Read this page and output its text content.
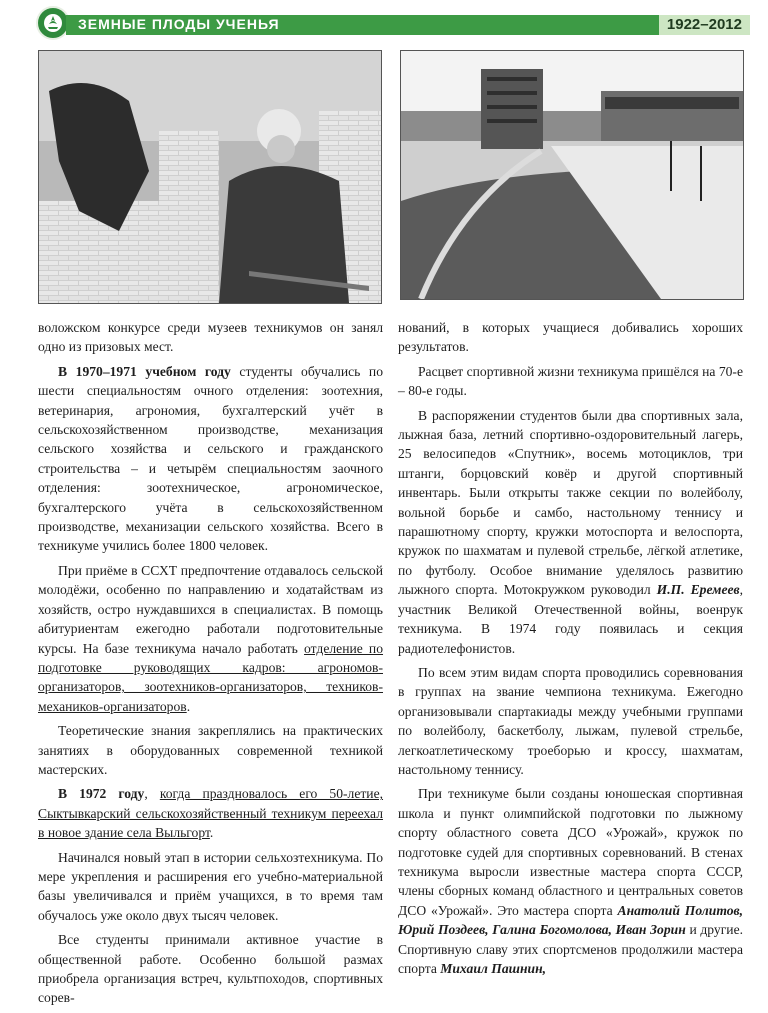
ЗЕМНЫЕ ПЛОДЫ УЧЕНЬЯ	1922–2012

воложском конкурсе среди музеев техникумов он занял одно из призовых мест.

В 1970–1971 учебном году студенты обучались по шести специальностям очного отделения: зоотехния, ветеринария, агрономия, бухгалтерский учёт в сельскохозяйственном производстве, механизация сельского хозяйства и сельского и гражданского строительства – и четырём специальностям заочного отделения: зоотехническое, агрономическое, бухгалтерского учёта в сельскохозяйственном производстве, механизации сельского хозяйства. Всего в техникуме учились более 1800 человек.

При приёме в ССХТ предпочтение отдавалось сельской молодёжи, особенно по направлению и ходатайствам из хозяйств, остро нуждавшихся в специалистах. В помощь абитуриентам ежегодно работали подготовительные курсы. На базе техникума начало работать отделение по подготовке руководящих кадров: агрономов-организаторов, зоотехников-организаторов, техников-механиков-организаторов.

Теоретические знания закреплялись на практических занятиях в оборудованных современной техникой мастерских.

В 1972 году, когда праздновалось его 50-летие, Сыктывкарский сельскохозяйственный техникум переехал в новое здание села Выльгорт.

Начинался новый этап в истории сельхозтехникума. По мере укрепления и расширения его учебно-материальной базы увеличивался и приём учащихся, в то время там обучалось уже около двух тысяч человек.

Все студенты принимали активное участие в общественной работе. Особенно большой размах приобрела организация встреч, культпоходов, спортивных сорев-

нований, в которых учащиеся добивались хороших результатов.

Расцвет спортивной жизни техникума пришёлся на 70-е – 80-е годы.

В распоряжении студентов были два спортивных зала, лыжная база, летний спортивно-оздоровительный лагерь, 25 велосипедов «Спутник», восемь мотоциклов, три штанги, борцовский ковёр и другой спортивный инвентарь. Были открыты также секции по волейболу, вольной борьбе и самбо, настольному теннису и парашютному спорту, кружки мотоспорта и велоспорта, кружок по шахматам и пулевой стрельбе, лёгкой атлетике, по футболу. Особое внимание уделялось развитию лыжного спорта. Мотокружком руководил И.П. Еремеев, участник Великой Отечественной войны, военрук техникума. В 1974 году появилась и секция радиотелефонистов.

По всем этим видам спорта проводились соревнования в группах на звание чемпиона техникума. Ежегодно организовывали спартакиады между учебными группами по волейболу, баскетболу, лыжам, пулевой стрельбе, легкоатлетическому троеборью и кроссу, шахматам, настольному теннису.

При техникуме были созданы юношеская спортивная школа и пункт олимпийской подготовки по лыжному спорту областного совета ДСО «Урожай», кружок по подготовке судей для спортивных соревнований. В стенах техникума выросли известные мастера спорта СССР, члены сборных команд областного и центральных советов ДСО «Урожай». Это мастера спорта Анатолий Политов, Юрий Поздеев, Галина Богомолова, Иван Зорин и другие. Спортивную славу этих спортсменов продолжили мастера спорта Михаил Пашнин,
